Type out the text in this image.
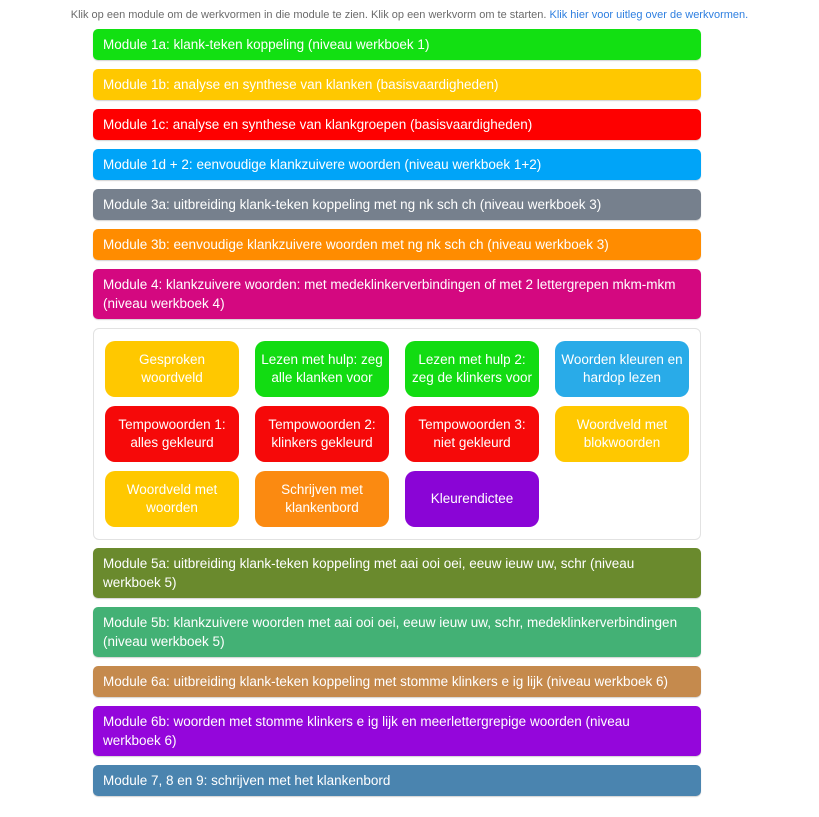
Klik op een module om de werkvormen in die module te zien. Klik op een werkvorm om te starten. Klik hier voor uitleg over de werkvormen.
Module 1a: klank-teken koppeling (niveau werkboek 1)
Module 1b: analyse en synthese van klanken (basisvaardigheden)
Module 1c: analyse en synthese van klankgroepen (basisvaardigheden)
Module 1d + 2: eenvoudige klankzuivere woorden (niveau werkboek 1+2)
Module 3a: uitbreiding klank-teken koppeling met ng nk sch ch (niveau werkboek 3)
Module 3b: eenvoudige klankzuivere woorden met ng nk sch ch (niveau werkboek 3)
Module 4: klankzuivere woorden: met medeklinkerverbindingen of met 2 lettergrepen mkm-mkm (niveau werkboek 4)
Gesproken woordveld
Lezen met hulp: zeg alle klanken voor
Lezen met hulp 2: zeg de klinkers voor
Woorden kleuren en hardop lezen
Tempowoorden 1: alles gekleurd
Tempowoorden 2: klinkers gekleurd
Tempowoorden 3: niet gekleurd
Woordveld met blokwoorden
Woordveld met woorden
Schrijven met klankenbord
Kleurendictee
Module 5a: uitbreiding klank-teken koppeling met aai ooi oei, eeuw ieuw uw, schr (niveau werkboek 5)
Module 5b: klankzuivere woorden met aai ooi oei, eeuw ieuw uw, schr, medeklinkerverbindingen (niveau werkboek 5)
Module 6a: uitbreiding klank-teken koppeling met stomme klinkers e ig lijk (niveau werkboek 6)
Module 6b: woorden met stomme klinkers e ig lijk en meerlettergrepige woorden (niveau werkboek 6)
Module 7, 8 en 9: schrijven met het klankenbord
